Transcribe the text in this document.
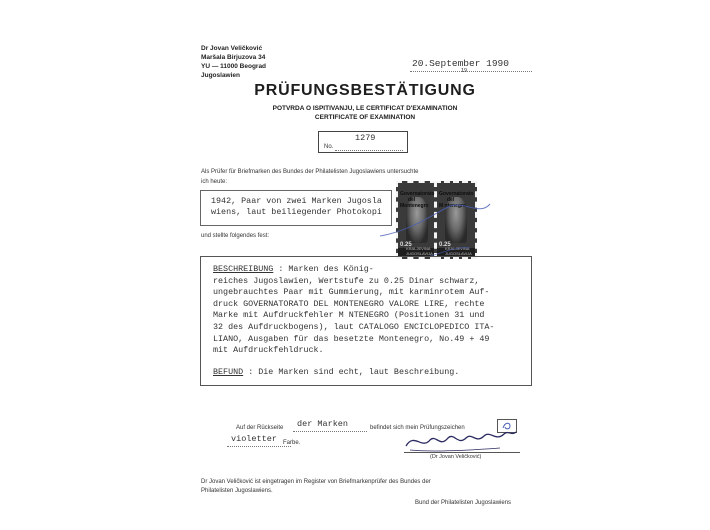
Dr Jovan Veličković
Maršala Birjuzova 34
YU — 11000 Beograd
Jugoslawien
20.September 1990
19
PRÜFUNGSBESTÄTIGUNG
POTVRDA O ISPITIVANJU, LE CERTIFICAT D'EXAMINATION
CERTIFICATE OF EXAMINATION
1279
No.
Als Prüfer für Briefmarken des Bundes der Philatelisten Jugoslawiens untersuchte
ich heute:
1942, Paar von zwei Marken Jugosla
wiens, laut beiliegender Photokopi
Governatorato
del
Montenegro
0.25
KRALJEVINA JUGOSLAVIJA
Governatorato
del
M ntenegro
0.25
KRALJEVINA JUGOSLAVIJA
und stellte folgendes fest:
BESCHREIBUNG : Marken des König-
reiches Jugoslawien, Wertstufe zu 0.25 Dinar schwarz,
ungebrauchtes Paar mit Gummierung, mit karminrotem Auf-
druck GOVERNATORATO DEL MONTENEGRO VALORE LIRE, rechte
Marke mit Aufdruckfehler M NTENEGRO (Positionen 31 und
32 des Aufdruckbogens), laut CATALOGO ENCICLOPEDICO ITA-
LIANO, Ausgaben für das besetzte Montenegro, No.49 + 49
mit Aufdruckfehldruck.
BEFUND : Die Marken sind echt, laut Beschreibung.
Auf der Rückseite der Marken	befindet sich mein Prüfungszeichen
violetter Farbe.
(Dr Jovan Veličković)
Dr Jovan Veličković ist eingetragen im Register von Briefmarkenprüfer des Bundes der
Philatelisten Jugoslawiens.
Bund der Philatelisten Jugoslawiens
